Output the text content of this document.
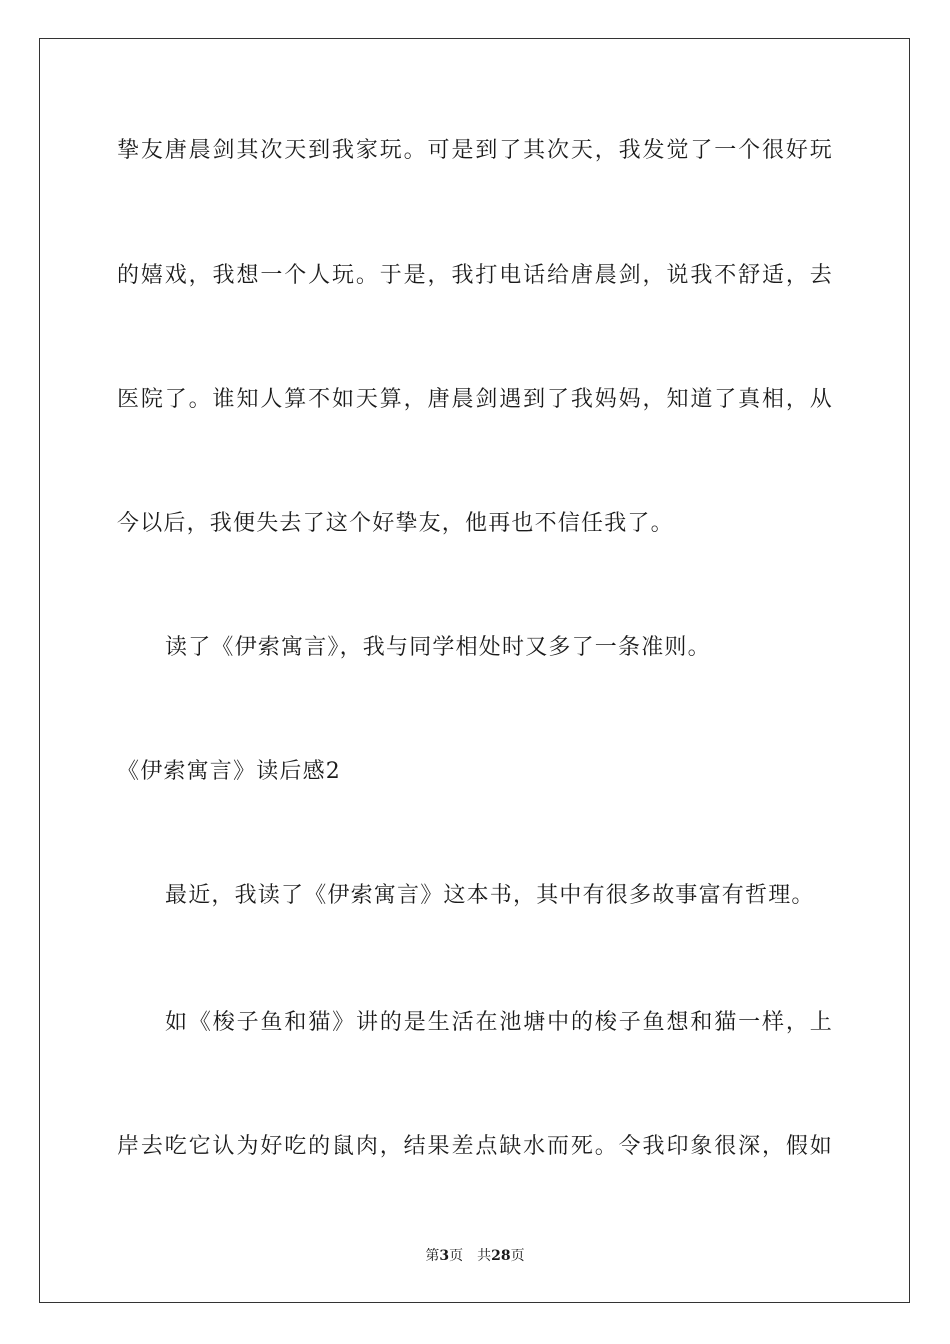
挚友唐晨剑其次天到我家玩。可是到了其次天，我发觉了一个很好玩
的嬉戏，我想一个人玩。于是，我打电话给唐晨剑，说我不舒适，去
医院了。谁知人算不如天算，唐晨剑遇到了我妈妈，知道了真相，从
今以后，我便失去了这个好挚友，他再也不信任我了。
读了《伊索寓言》，我与同学相处时又多了一条准则。
《伊索寓言》读后感2
最近，我读了《伊索寓言》这本书，其中有很多故事富有哲理。
如《梭子鱼和猫》讲的是生活在池塘中的梭子鱼想和猫一样，上
岸去吃它认为好吃的鼠肉，结果差点缺水而死。令我印象很深，假如
第3页 共28页
